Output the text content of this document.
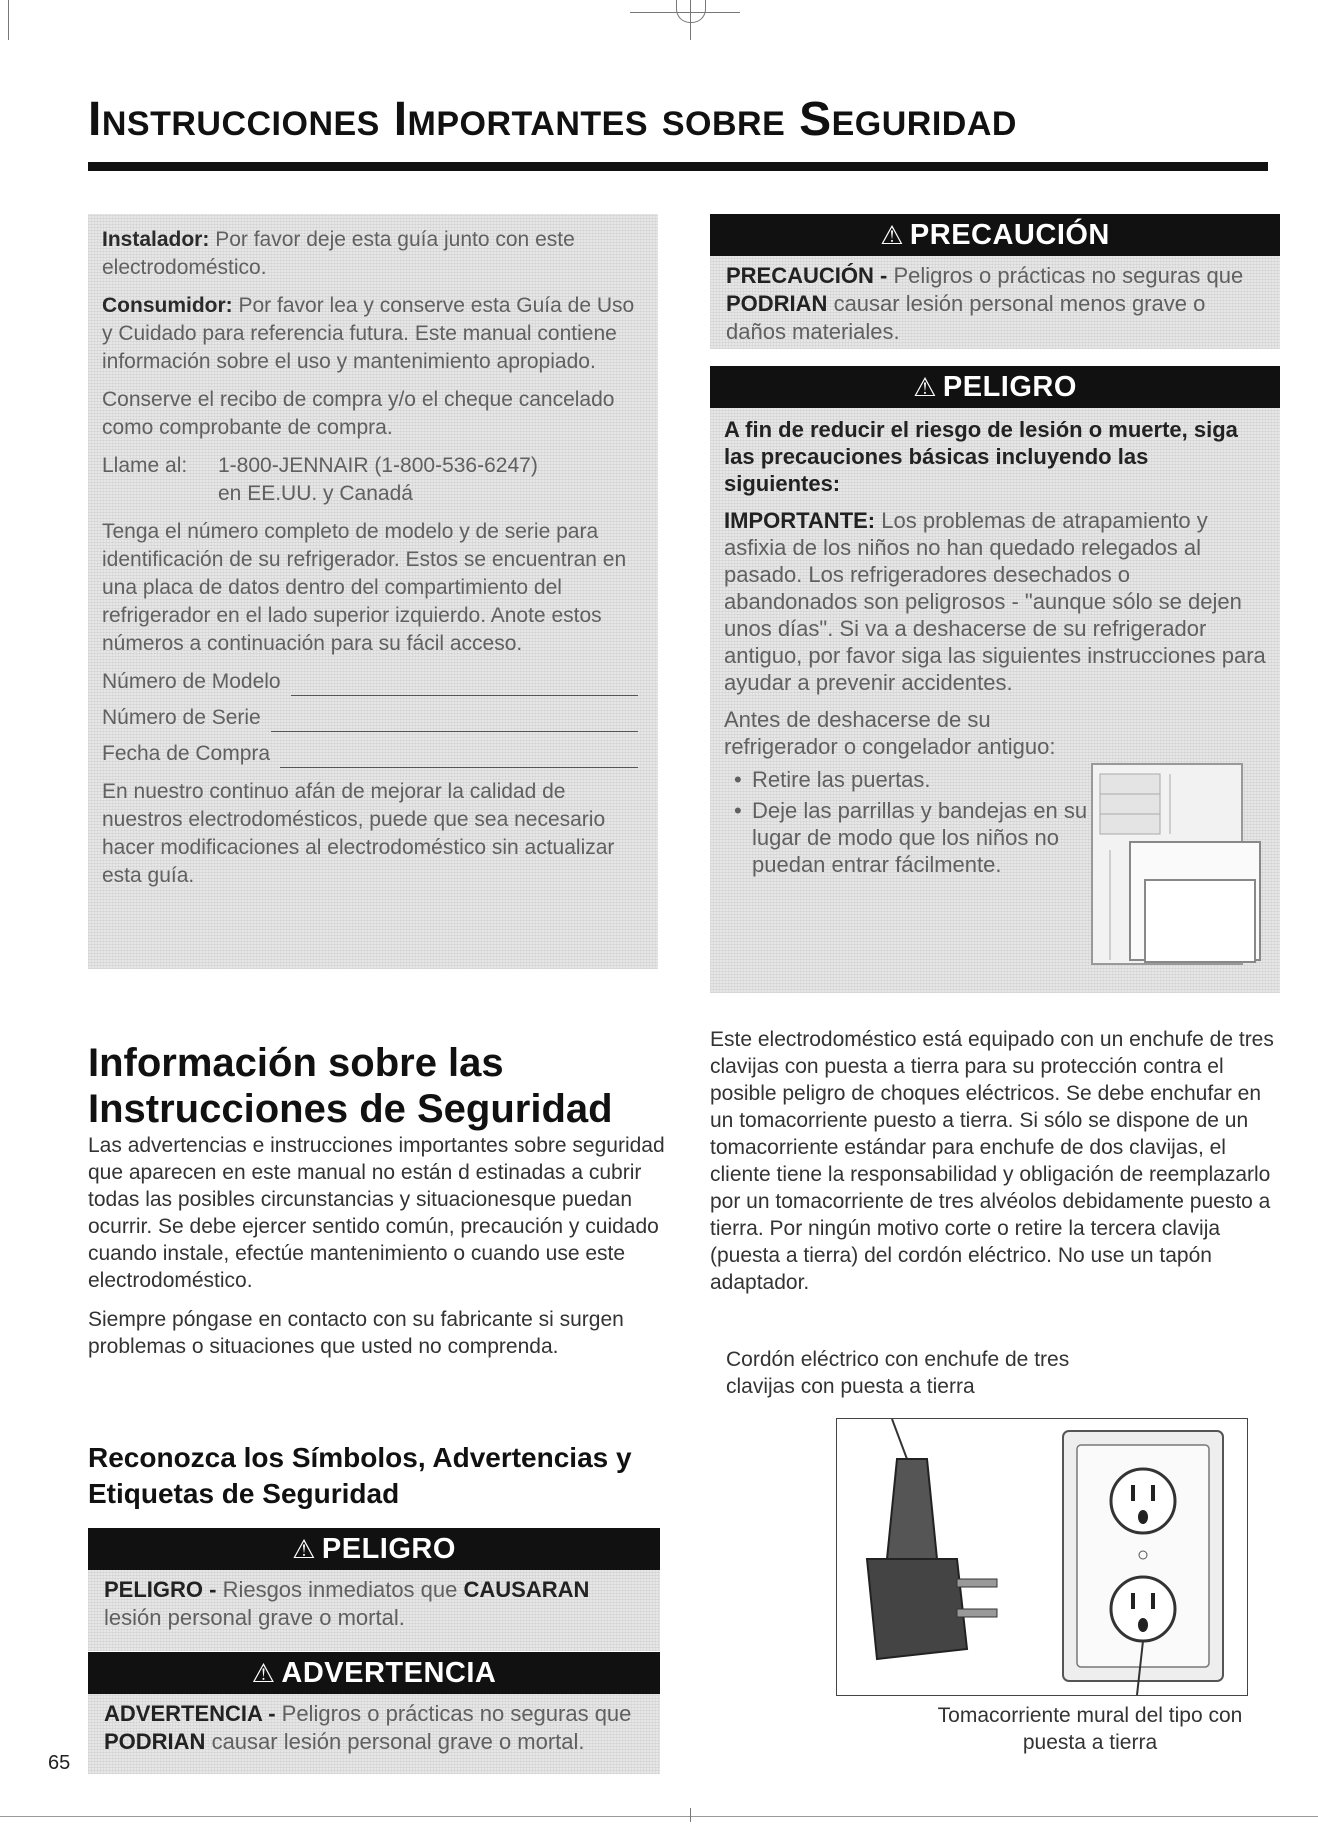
Instrucciones Importantes sobre Seguridad

Instalador: Por favor deje esta guía junto con este electrodoméstico.

Consumidor: Por favor lea y conserve esta Guía de Uso y Cuidado para referencia futura. Este manual contiene información sobre el uso y mantenimiento apropiado.

Conserve el recibo de compra y/o el cheque cancelado como comprobante de compra.

Llame al:	1-800-JENNAIR (1-800-536-6247)
en EE.UU. y Canadá

Tenga el número completo de modelo y de serie para identificación de su refrigerador. Estos se encuentran en una placa de datos dentro del compartimiento del refrigerador en el lado superior izquierdo. Anote estos números a continuación para su fácil acceso.

Número de Modelo
Número de Serie
Fecha de Compra

En nuestro continuo afán de mejorar la calidad de nuestros electrodomésticos, puede que sea necesario hacer modificaciones al electrodoméstico sin actualizar esta guía.

⚠ PRECAUCIÓN
PRECAUCIÓN - Peligros o prácticas no seguras que PODRIAN causar lesión personal menos grave o daños materiales.
⚠ PELIGRO

A fin de reducir el riesgo de lesión o muerte, siga las precauciones básicas incluyendo las siguientes:

IMPORTANTE: Los problemas de atrapamiento y asfixia de los niños no han quedado relegados al pasado. Los refrigeradores desechados o abandonados son peligrosos - "aunque sólo se dejen unos días". Si va a deshacerse de su refrigerador antiguo, por favor siga las siguientes instrucciones para ayudar a prevenir accidentes.

Antes de deshacerse de su refrigerador o congelador antiguo:
• Retire las puertas.
• Deje las parrillas y bandejas en su lugar de modo que los niños no puedan entrar fácilmente.
Información sobre las Instrucciones de Seguridad

Las advertencias e instrucciones importantes sobre seguridad que aparecen en este manual no están d estinadas a cubrir todas las posibles circunstancias y situacionesque puedan ocurrir. Se debe ejercer sentido común, precaución y cuidado cuando instale, efectúe mantenimiento o cuando use este electrodoméstico.

Siempre póngase en contacto con su fabricante si surgen problemas o situaciones que usted no comprenda.

Reconozca los Símbolos, Advertencias y Etiquetas de Seguridad
⚠ PELIGRO
PELIGRO - Riesgos inmediatos que CAUSARAN lesión personal grave o mortal.
⚠ ADVERTENCIA
ADVERTENCIA - Peligros o prácticas no seguras que PODRIAN causar lesión personal grave o mortal.
Este electrodoméstico está equipado con un enchufe de tres clavijas con puesta a tierra para su protección contra el posible peligro de choques eléctricos. Se debe enchufar en un tomacorriente puesto a tierra. Si sólo se dispone de un tomacorriente estándar para enchufe de dos clavijas, el cliente tiene la responsabilidad y obligación de reemplazarlo por un tomacorriente de tres alvéolos debidamente puesto a tierra. Por ningún motivo corte o retire la tercera clavija (puesta a tierra) del cordón eléctrico. No use un tapón adaptador.
Cordón eléctrico con enchufe de tres clavijas con puesta a tierra
Tomacorriente mural del tipo con puesta a tierra
65
